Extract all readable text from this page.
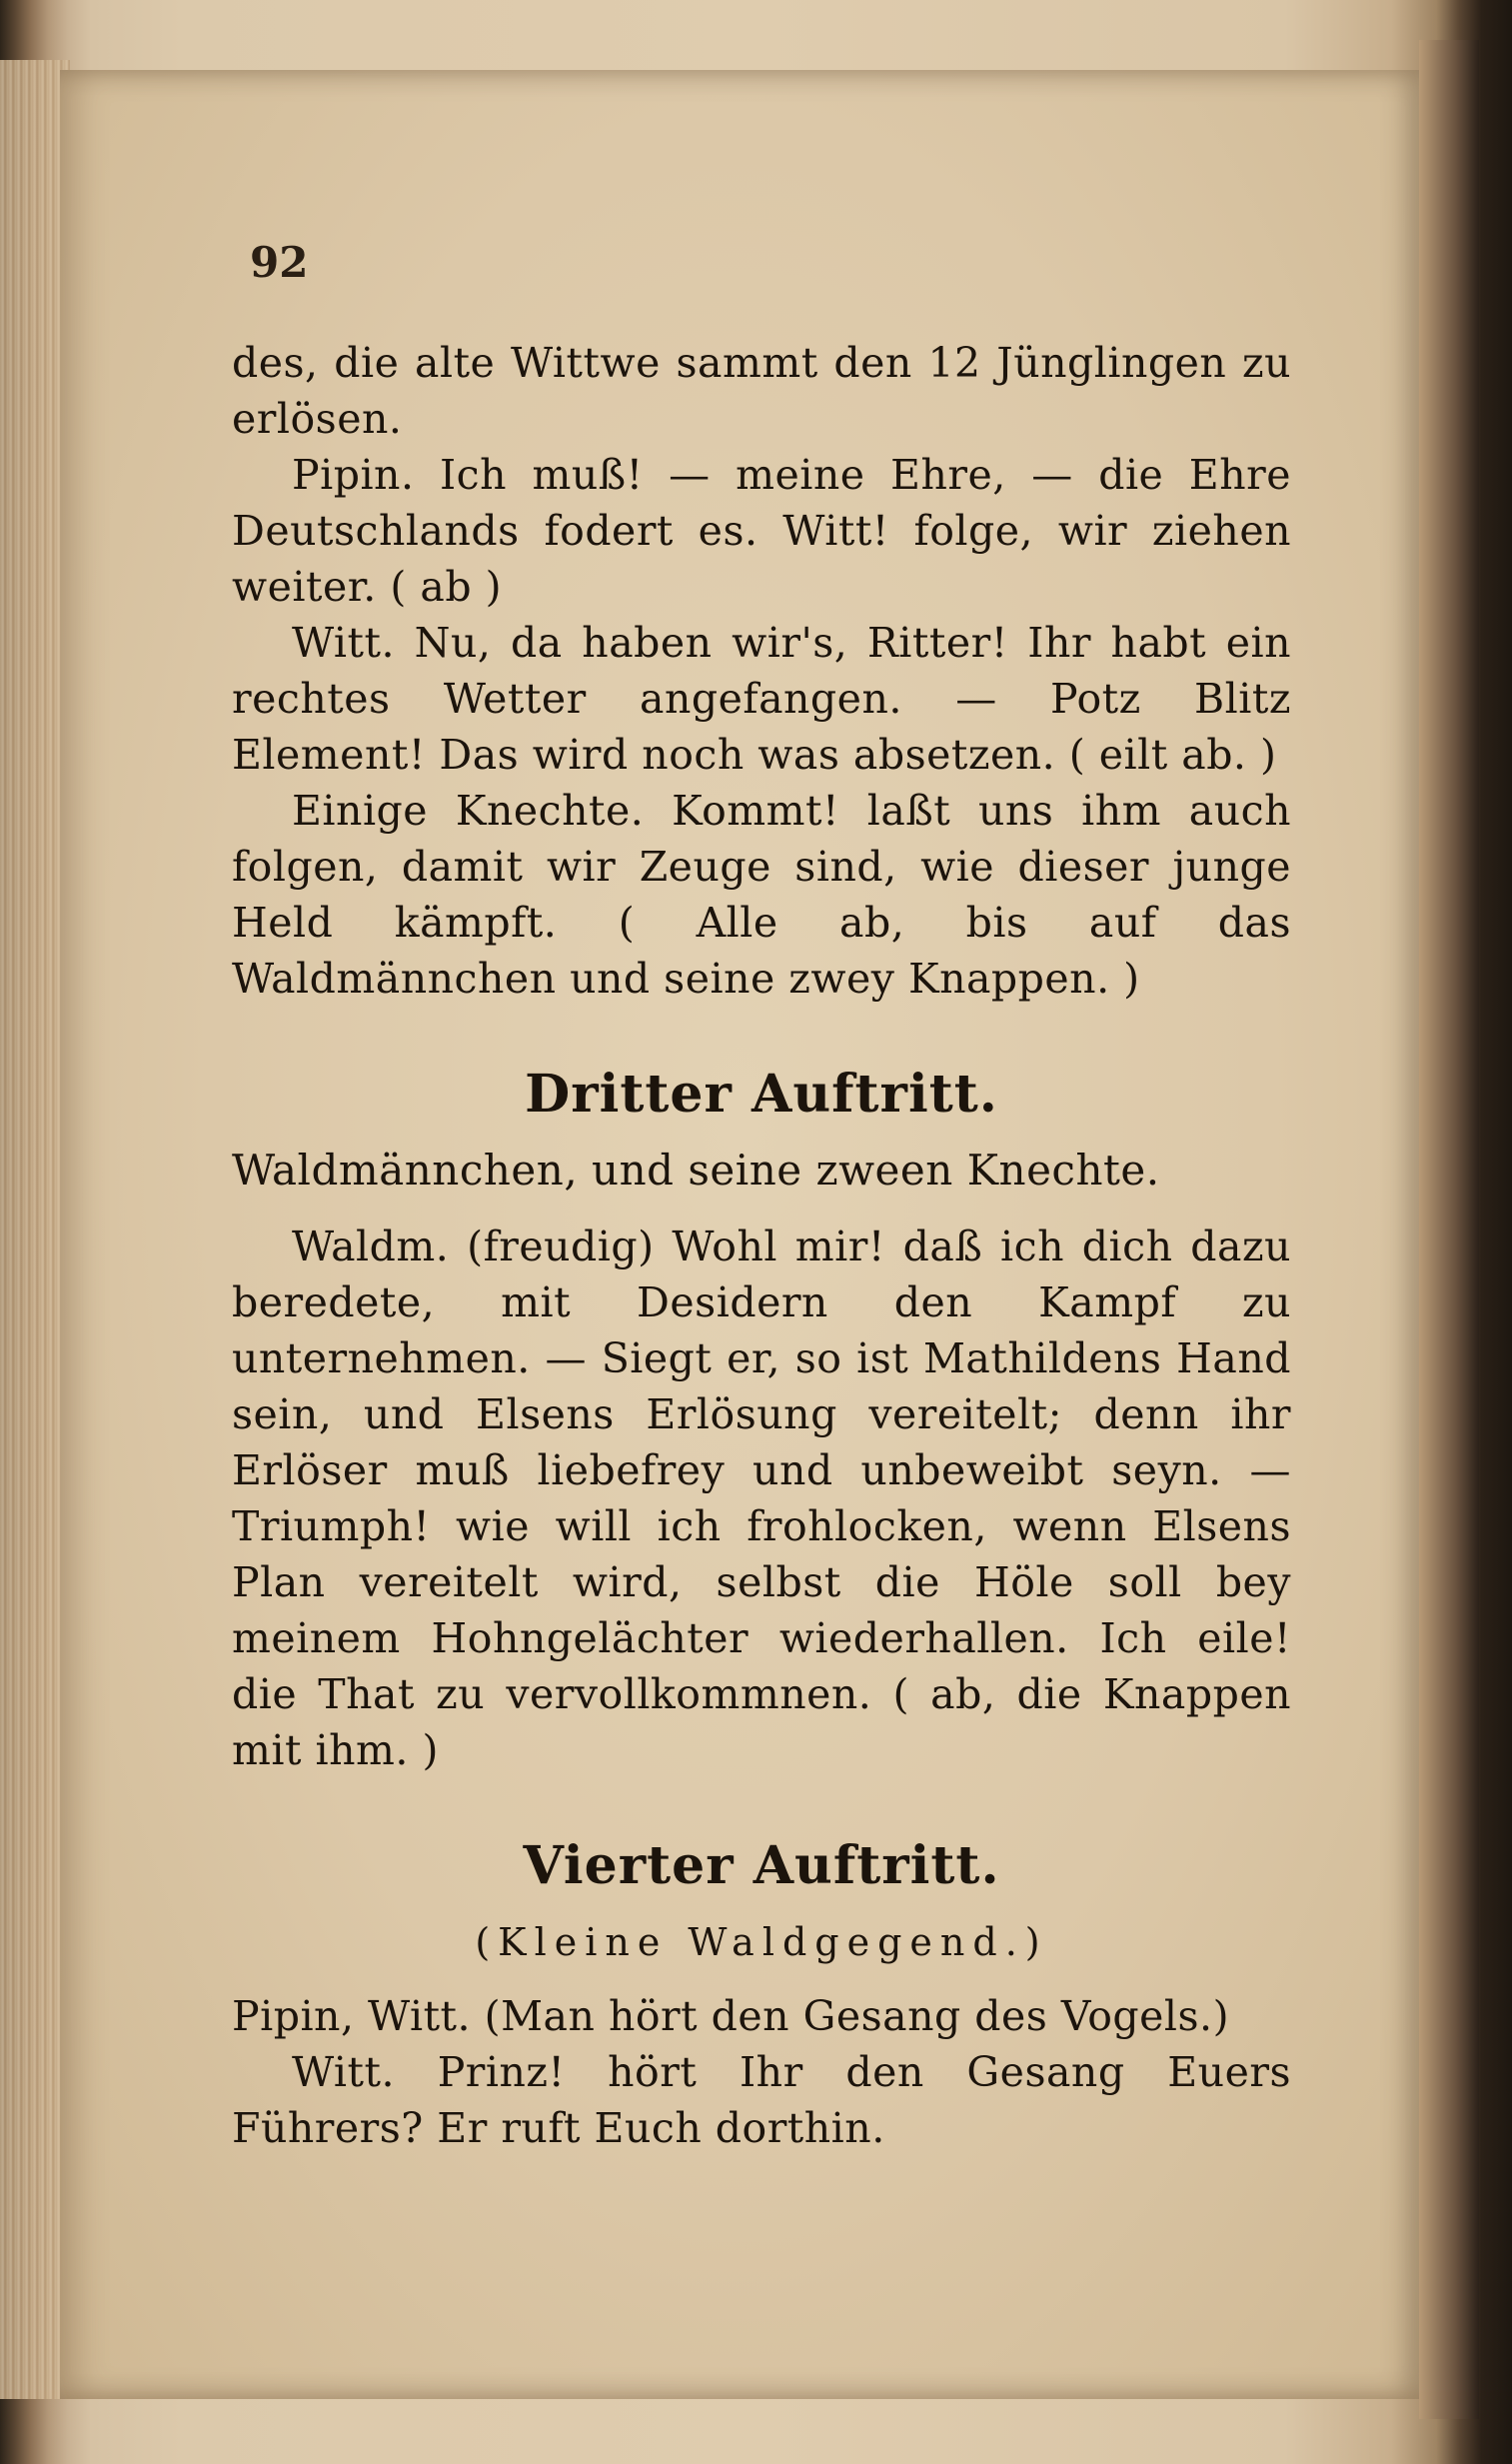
92

des, die alte Wittwe sammt den 12 Jünglingen zu erlösen.

Pipin. Ich muß! — meine Ehre, — die Ehre Deutschlands fodert es. Witt! folge, wir ziehen weiter. ( ab )

Witt. Nu, da haben wir's, Ritter! Ihr habt ein rechtes Wetter angefangen. — Potz Blitz Element! Das wird noch was absetzen. ( eilt ab. )

Einige Knechte. Kommt! laßt uns ihm auch folgen, damit wir Zeuge sind, wie dieser junge Held kämpft. ( Alle ab, bis auf das Waldmännchen und seine zwey Knappen. )

Dritter Auftritt.

Waldmännchen, und seine zween Knechte.

Waldm. (freudig) Wohl mir! daß ich dich dazu beredete, mit Desidern den Kampf zu unternehmen. — Siegt er, so ist Mathildens Hand sein, und Elsens Erlösung vereitelt; denn ihr Erlöser muß liebefrey und unbeweibt seyn. — Triumph! wie will ich frohlocken, wenn Elsens Plan vereitelt wird, selbst die Höle soll bey meinem Hohngelächter wiederhallen. Ich eile! die That zu vervollkommnen. ( ab, die Knappen mit ihm. )

Vierter Auftritt.
(Kleine Waldgegend.)

Pipin, Witt. (Man hört den Gesang des Vogels.)

Witt. Prinz! hört Ihr den Gesang Euers Führers? Er ruft Euch dorthin.
